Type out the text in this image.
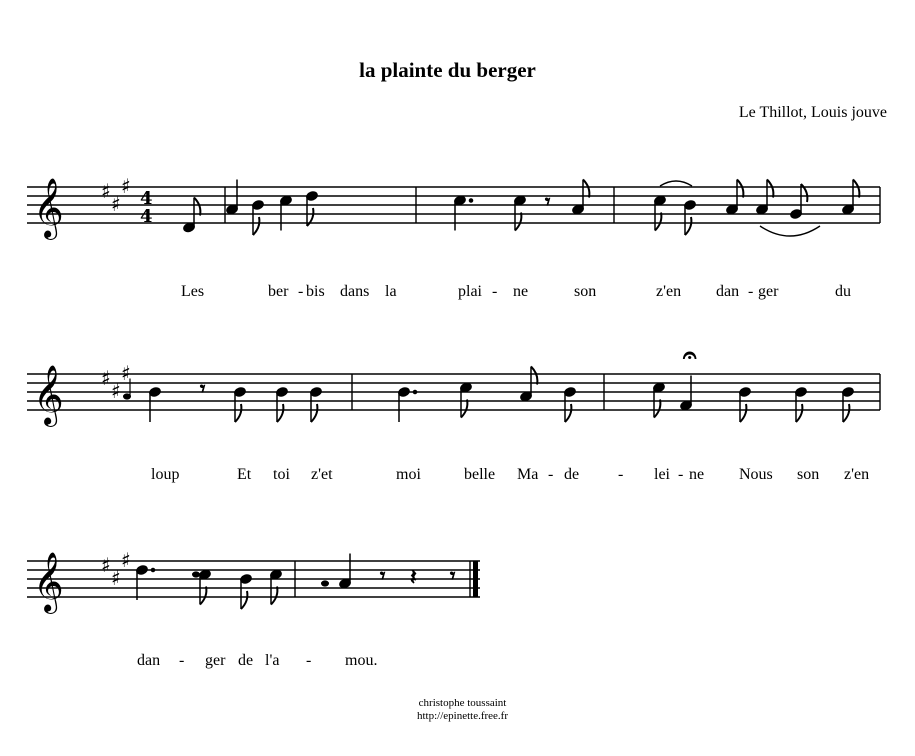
la plainte du berger
Le Thillot, Louis jouve
𝄞 ♯
♯
♯
4
4
𝄞 ♯
♯
♯
𝄞 ♯
♯
♯
𝄾
𝄾
𝄐
𝄾 𝄽 𝄾
Les	ber - bis dans la	plai - ne	son	z'en dan - ger	du
loup	Et toi z'et	moi	belle Ma - de - lei - ne Nous son z'en
dan - ger de l'a - mou.
christophe toussaint
http://epinette.free.fr
